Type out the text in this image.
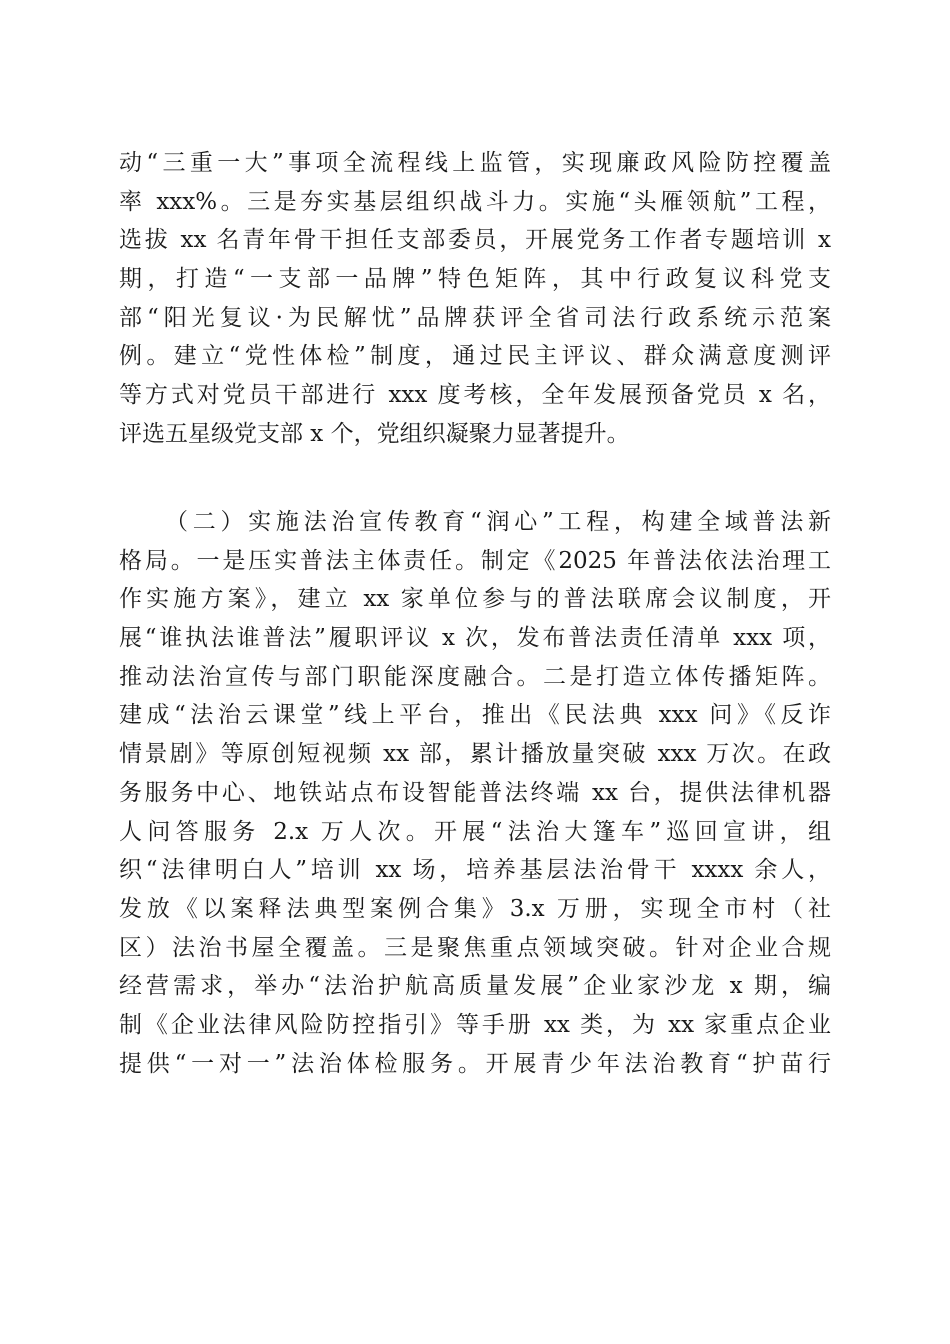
动“三重一大”事项全流程线上监管，实现廉政风险防控覆盖
率 xxx%。三是夯实基层组织战斗力。实施“头雁领航”工程，
选拔 xx 名青年骨干担任支部委员，开展党务工作者专题培训 x
期，打造“一支部一品牌”特色矩阵，其中行政复议科党支
部“阳光复议·为民解忧”品牌获评全省司法行政系统示范案
例。建立“党性体检”制度，通过民主评议、群众满意度测评
等方式对党员干部进行 xxx 度考核，全年发展预备党员 x 名，
评选五星级党支部 x 个，党组织凝聚力显著提升。
（二）实施法治宣传教育“润心”工程，构建全域普法新
格局。一是压实普法主体责任。制定《2025 年普法依法治理工
作实施方案》，建立 xx 家单位参与的普法联席会议制度，开
展“谁执法谁普法”履职评议 x 次，发布普法责任清单 xxx 项，
推动法治宣传与部门职能深度融合。二是打造立体传播矩阵。
建成“法治云课堂”线上平台，推出《民法典 xxx 问》《反诈
情景剧》等原创短视频 xx 部，累计播放量突破 xxx 万次。在政
务服务中心、地铁站点布设智能普法终端 xx 台，提供法律机器
人问答服务 2.x 万人次。开展“法治大篷车”巡回宣讲，组
织“法律明白人”培训 xx 场，培养基层法治骨干 xxxx 余人，
发放《以案释法典型案例合集》3.x 万册，实现全市村（社
区）法治书屋全覆盖。三是聚焦重点领域突破。针对企业合规
经营需求，举办“法治护航高质量发展”企业家沙龙 x 期，编
制《企业法律风险防控指引》等手册 xx 类，为 xx 家重点企业
提供“一对一”法治体检服务。开展青少年法治教育“护苗行
